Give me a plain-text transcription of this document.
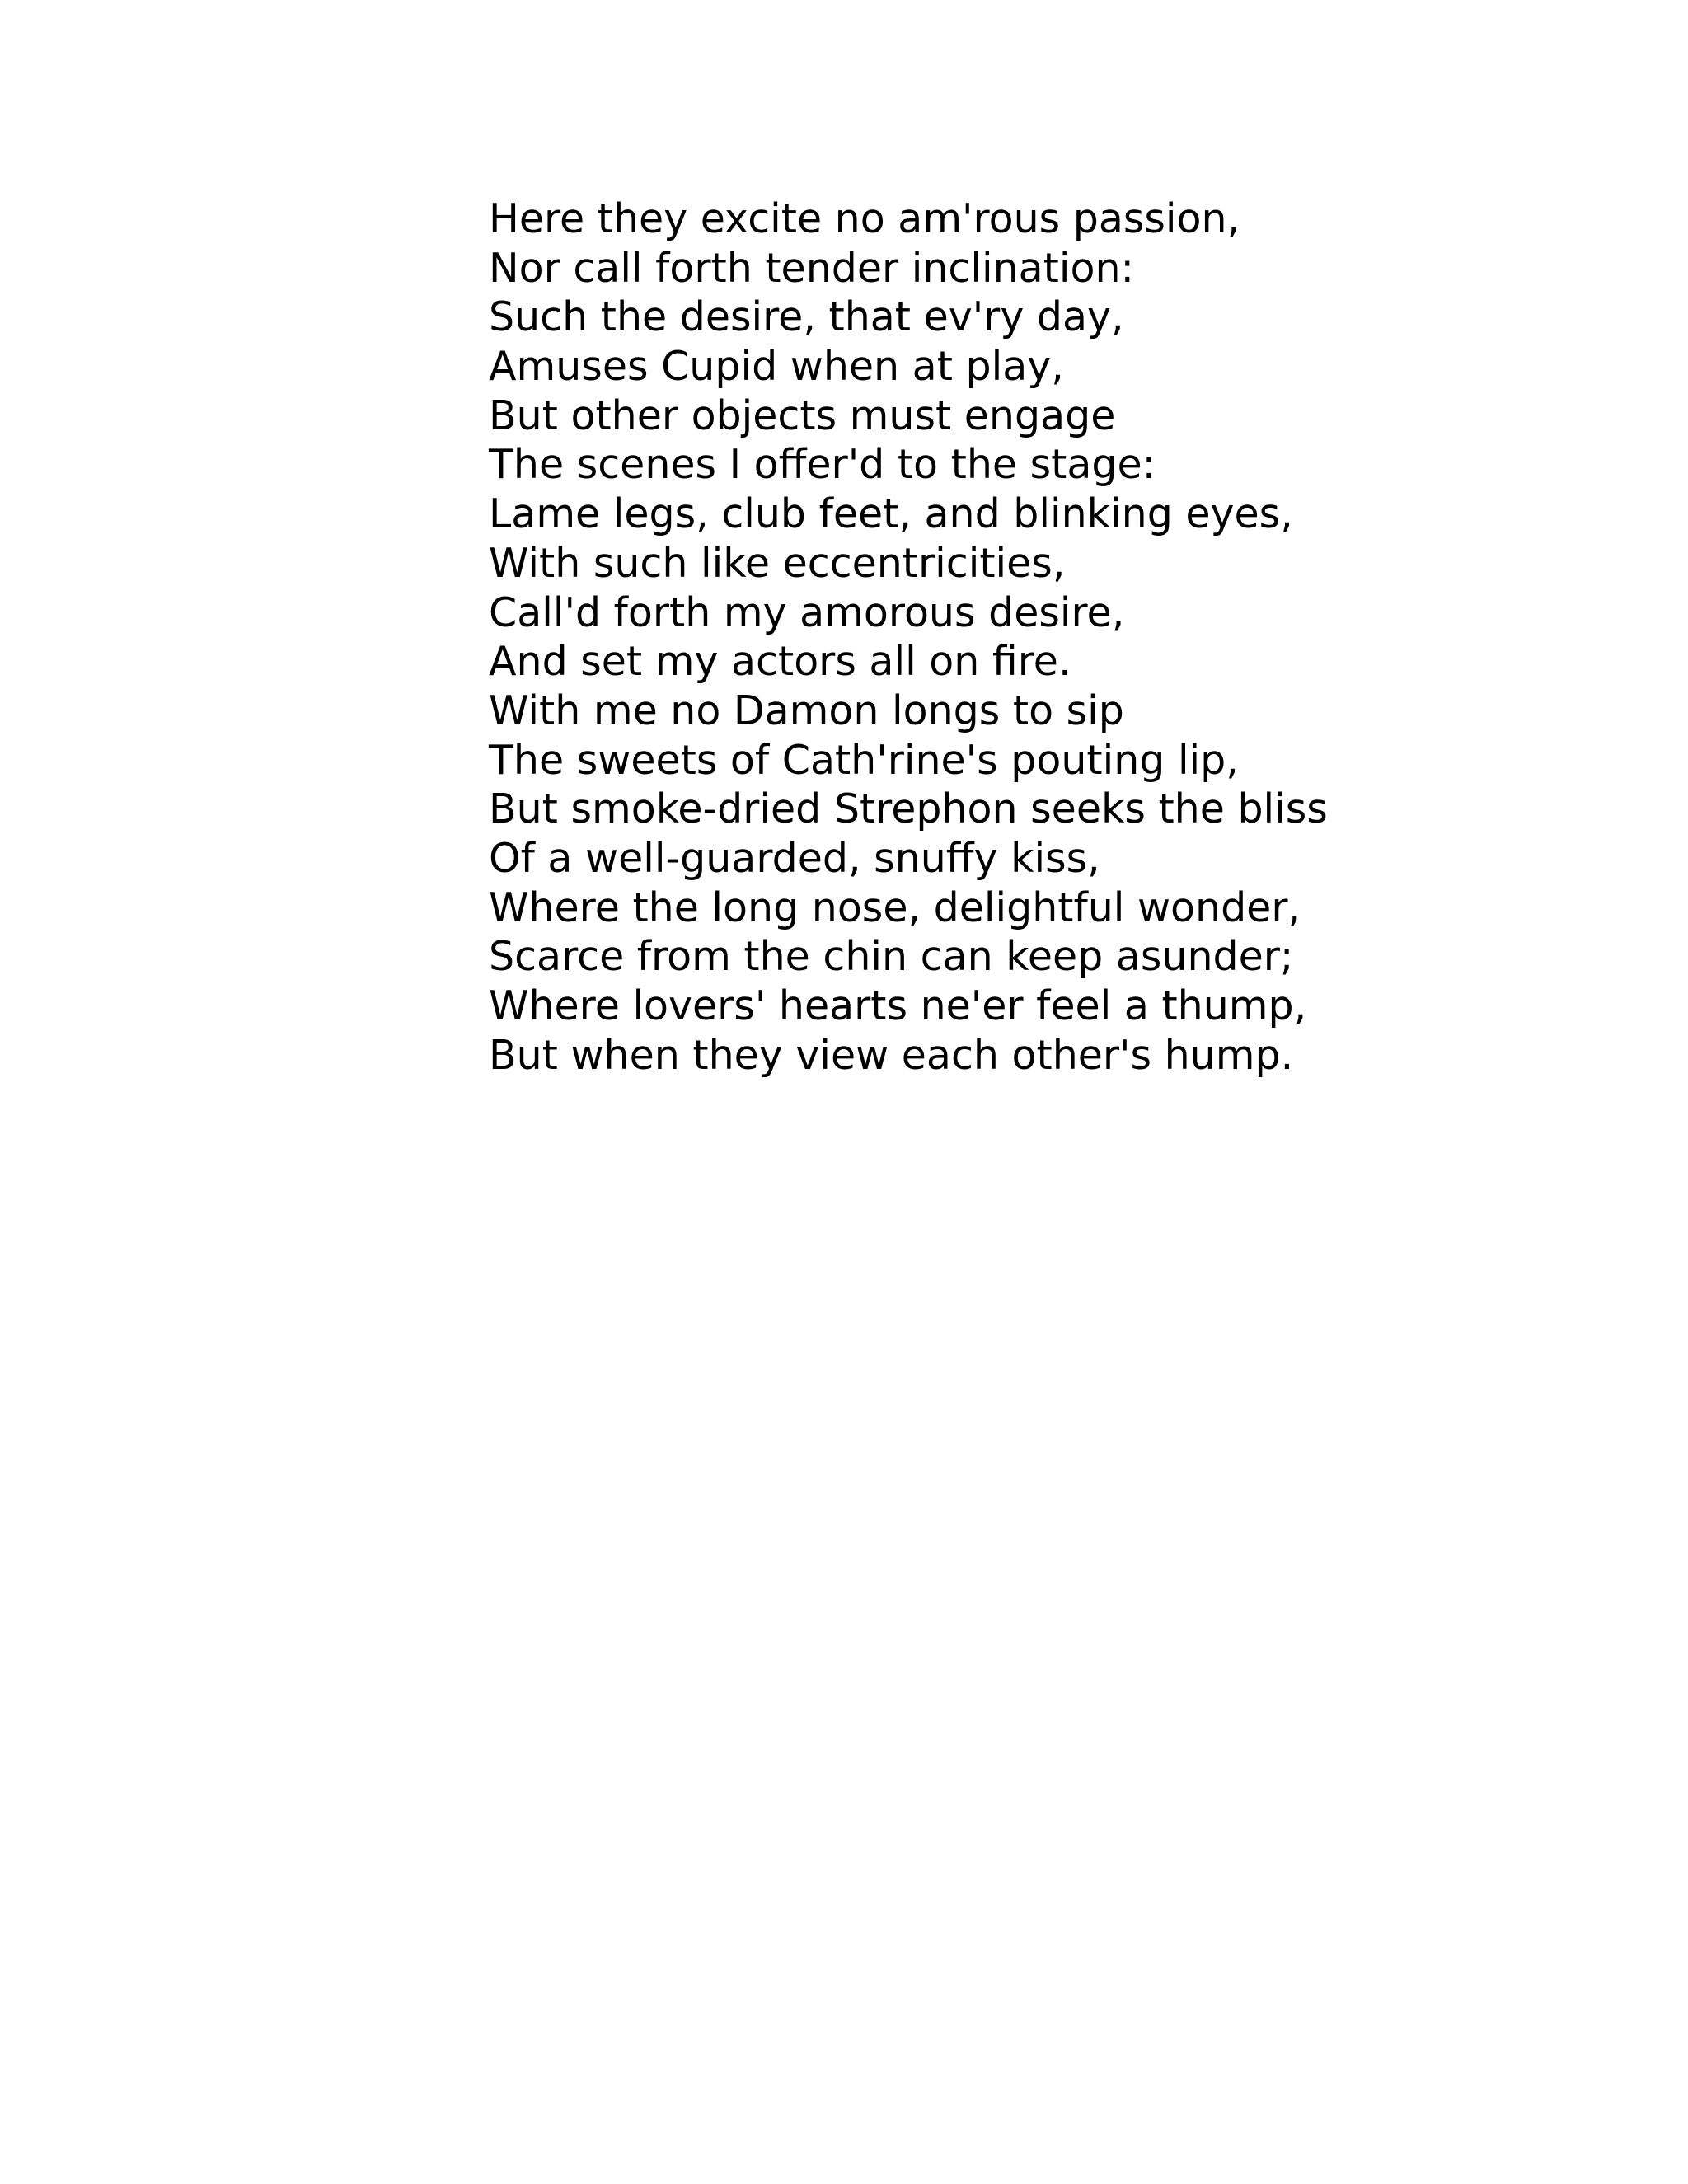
Here they excite no am'rous passion,
Nor call forth tender inclination:
Such the desire, that ev'ry day,
Amuses Cupid when at play,
But other objects must engage
The scenes I offer'd to the stage:
Lame legs, club feet, and blinking eyes,
With such like eccentricities,
Call'd forth my amorous desire,
And set my actors all on fire.
With me no Damon longs to sip
The sweets of Cath'rine's pouting lip,
But smoke-dried Strephon seeks the bliss
Of a well-guarded, snuffy kiss,
Where the long nose, delightful wonder,
Scarce from the chin can keep asunder;
Where lovers' hearts ne'er feel a thump,
But when they view each other's hump.
